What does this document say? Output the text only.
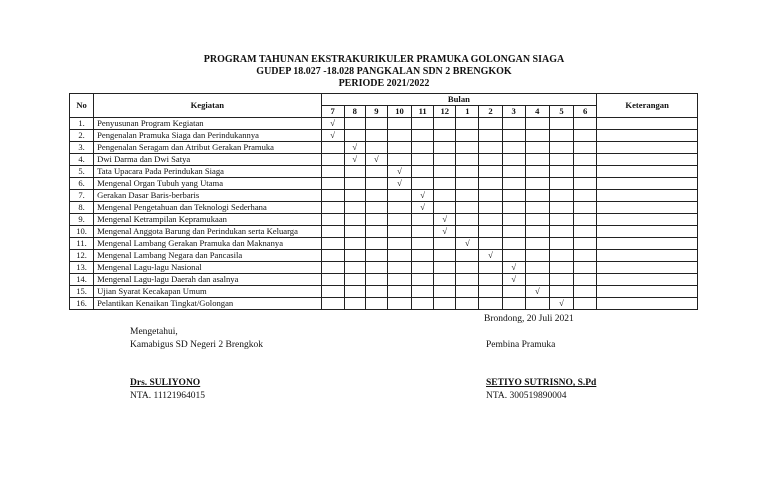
PROGRAM TAHUNAN EKSTRAKURIKULER PRAMUKA GOLONGAN SIAGA
GUDEP 18.027 -18.028 PANGKALAN SDN 2 BRENGKOK
PERIODE 2021/2022
No	Kegiatan	Bulan												Keterangan
		7	8	9	10	11	12	1	2	3	4	5	6	
1.	Penyusunan Program Kegiatan	√												
2.	Pengenalan Pramuka Siaga dan Perindukannya	√												
3.	Pengenalan Seragam dan Atribut Gerakan Pramuka		√											
4.	Dwi Darma dan Dwi Satya		√	√										
5.	Tata Upacara Pada Perindukan Siaga				√									
6.	Mengenal Organ Tubuh yang Utama				√									
7.	Gerakan Dasar Baris-berbaris					√								
8.	Mengenal Pengetahuan dan Teknologi Sederhana					√								
9.	Mengenal Ketrampilan Kepramukaan						√							
10.	Mengenal Anggota Barung dan Perindukan serta Keluarga						√							
11.	Mengenal Lambang Gerakan Pramuka dan Maknanya							√						
12.	Mengenal Lambang Negara dan Pancasila								√					
13.	Mengenal Lagu-lagu Nasional									√				
14.	Mengenal Lagu-lagu Daerah dan asalnya									√				
15.	Ujian Syarat Kecakapan Umum										√			
16.	Pelantikan Kenaikan Tingkat/Golongan											√		
Brondong, 20 Juli 2021
Mengetahui,
Kamabigus SD Negeri 2 Brengkok	Pembina Pramuka
Drs. SULIYONO
NTA. 11121964015
SETIYO SUTRISNO, S.Pd
NTA. 300519890004
